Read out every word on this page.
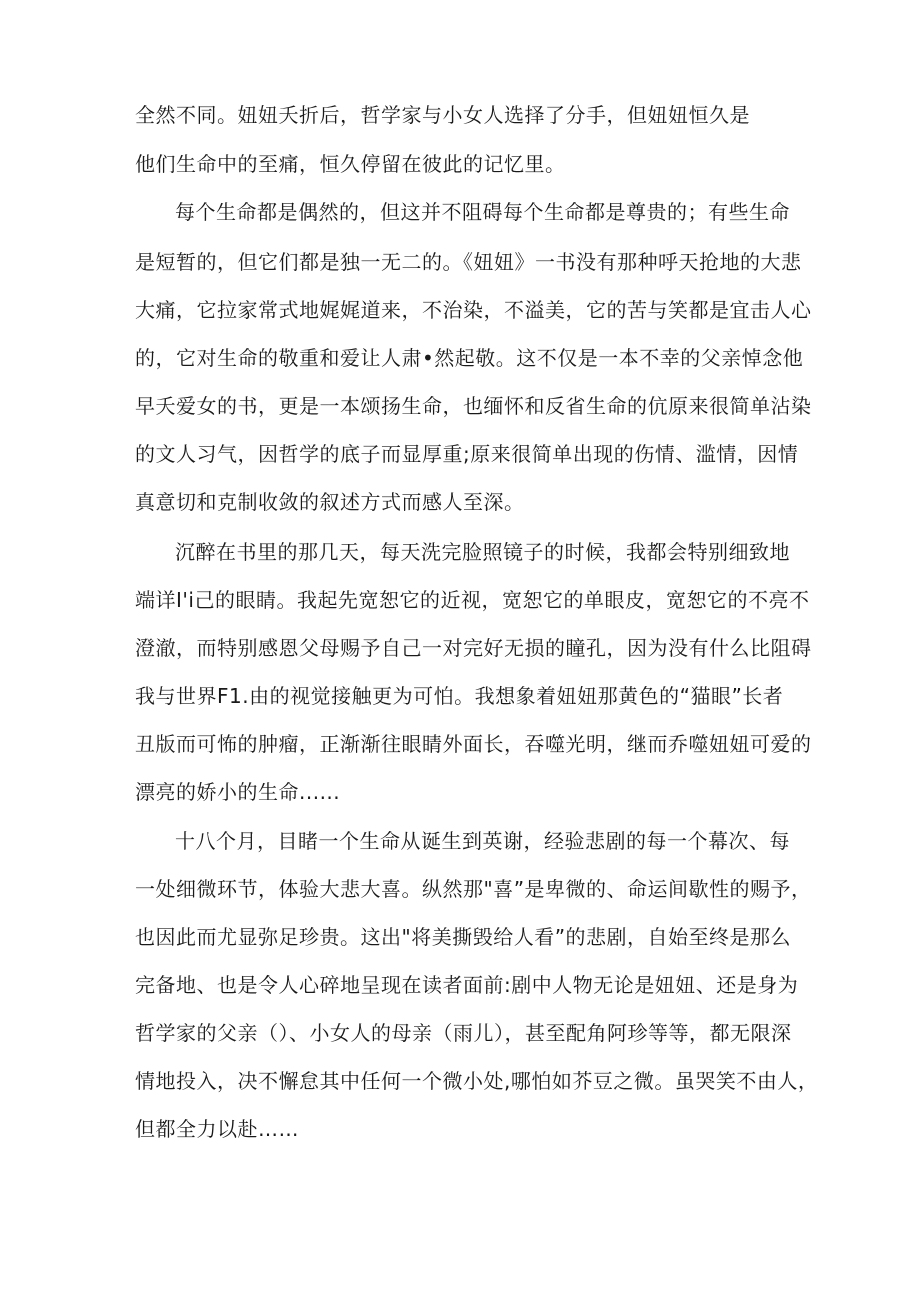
全然不同。妞妞夭折后，哲学家与小女人选择了分手，但妞妞恒久是
他们生命中的至痛，恒久停留在彼此的记忆里。
每个生命都是偶然的，但这并不阻碍每个生命都是尊贵的；有些生命
是短暂的，但它们都是独一无二的。《妞妞》一书没有那种呼天抢地的大悲
大痛，它拉家常式地娓娓道来，不治染，不溢美，它的苦与笑都是宜击人心
的，它对生命的敬重和爱让人肃•然起敬。这不仅是一本不幸的父亲悼念他
早夭爱女的书，更是一本颂扬生命，也缅怀和反省生命的伉原来很简单沾染
的文人习气，因哲学的底子而显厚重;原来很简单出现的伤情、滥情，因情
真意切和克制收敛的叙述方式而感人至深。
沉醉在书里的那几天，每天洗完脸照镜子的时候，我都会特别细致地
端详I'i己的眼睛。我起先宽恕它的近视，宽恕它的单眼皮，宽恕它的不亮不
澄澈，而特别感恩父母赐予自己一对完好无损的瞳孔，因为没有什么比阻碍
我与世界F1.由的视觉接触更为可怕。我想象着妞妞那黄色的“猫眼”长者
丑版而可怖的肿瘤，正渐渐往眼睛外面长，吞噬光明，继而乔噬妞妞可爱的
漂亮的娇小的生命......
十八个月，目睹一个生命从诞生到英谢，经验悲剧的每一个幕次、每
一处细微环节，体验大悲大喜。纵然那"喜”是卑微的、命运间歇性的赐予，
也因此而尤显弥足珍贵。这出"将美撕毁给人看”的悲剧，自始至终是那么
完备地、也是令人心碎地呈现在读者面前:剧中人物无论是妞妞、还是身为
哲学家的父亲（）、小女人的母亲（雨儿），甚至配角阿珍等等，都无限深
情地投入，决不懈怠其中任何一个微小处,哪怕如芥豆之微。虽哭笑不由人，
但都全力以赴……
